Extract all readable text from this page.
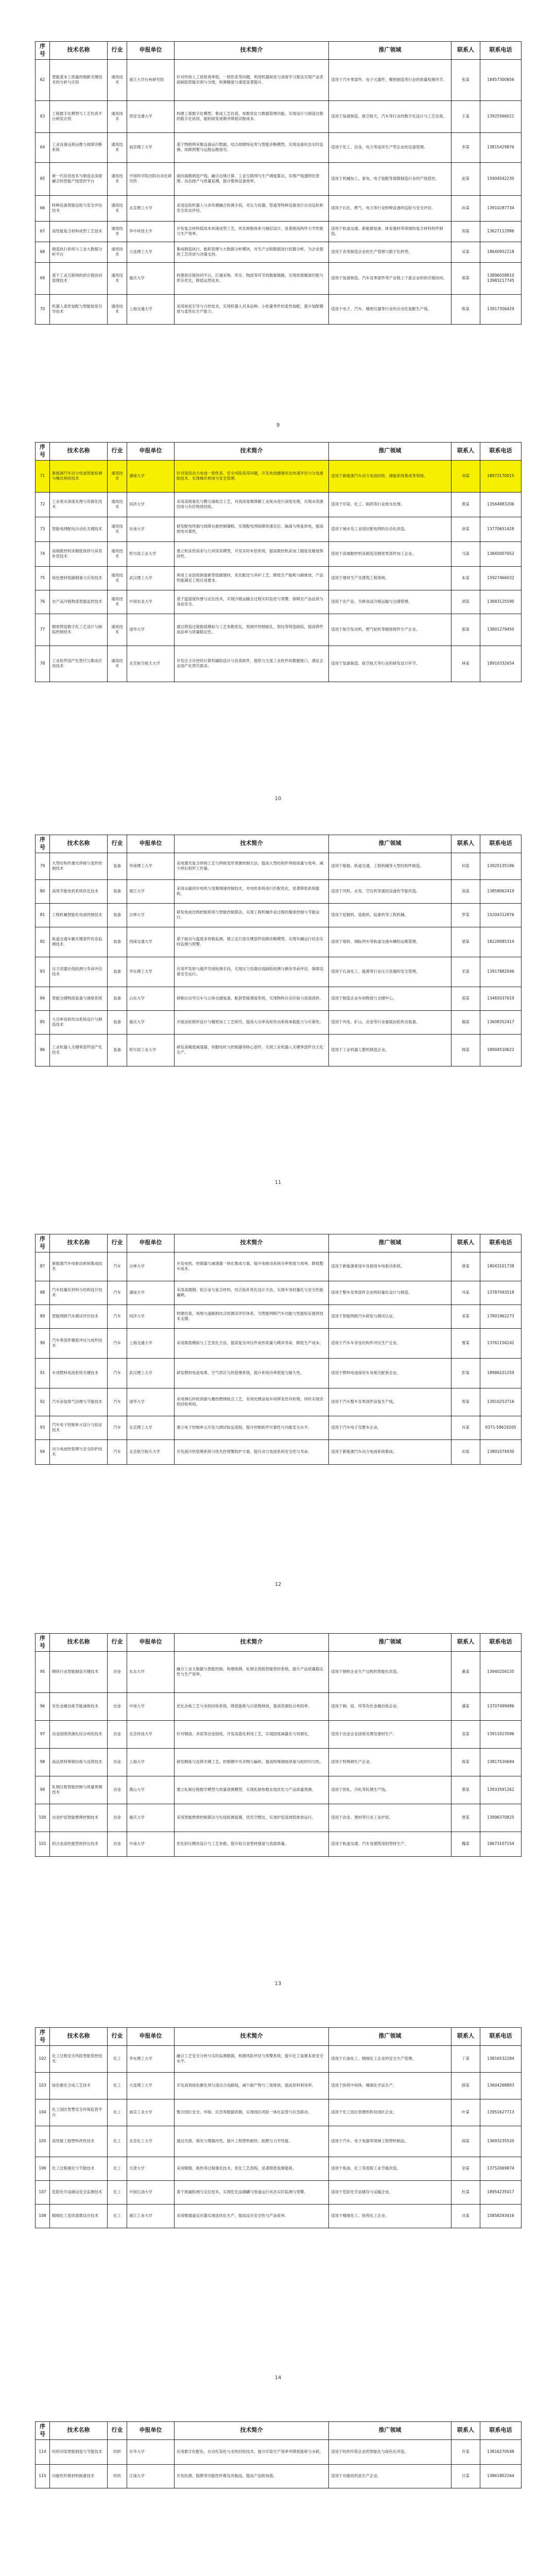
序号	技术名称	行业	申报单位	技术简介	推广领域	联系人	联系电话
62	智能基本工质量控制新关键技术的分析与应用	通用技术	浙江大学台州研究院	针对传统人工质检效率低、一致性差等问题，利用机器视觉与深度学习算法实现产品表面缺陷智能识别与分级，检测精度与速度显著提升。	适用于汽车零部件、电子元器件、精密制造等行业的质量检测环节。	张某	18457300856
63	工程数字化模型与工艺仿真平台研发应用	通用技术	西安交通大学	构建工程数字化模型，集成工艺仿真、参数优化与数据管理功能，实现设计与制造过程的数字化协同，缩短研发周期并降低试制成本。	适用于装备制造、航空航天、汽车等行业的数字化设计与工艺仿真。	王某	13925566021
64	工业设备远程运维与故障诊断系统	通用技术	南京理工大学	基于物联网采集设备运行数据，结合故障特征库与智能诊断模型，实现设备状态实时监测、故障预警与远程运维指导。	适用于化工、冶金、电力等连续生产型企业的设备管理。	李某	13815429876
65	新一代信息技术与制造业深度融合的智能产线管控平台	通用技术	中国科学院沈阳自动化研究所	面向离散制造产线，融合边缘计算、工业互联网与生产调度算法，实现产线透明化管理、动态排产与质量追溯，提升整体设备效率。	适用于机械加工、家电、电子装配等离散制造行业的产线管控。	赵某	15904542230
66	特种设备智能巡检与安全评估技术	通用技术	北京理工大学	采用巡检机器人与多传感融合检测手段，对压力容器、管道等特种设备进行自动巡检和安全状态评估。	适用于石化、燃气、电力等行业特种设备的巡检与安全评估。	孙某	13910287734
67	高性能复合材料成型工艺技术	通用技术	华中科技大学	开发复合材料低成本快速成型工艺，优化树脂体系与铺层设计，显著提高构件力学性能与生产效率。	适用于轨道交通、新能源装备、体育器材等领域的复合材料构件制造。	周某	13627112986
68	制造执行系统与工业大数据分析平台	通用技术	大连理工大学	集成制造执行、能耗管理与大数据分析模块，对生产过程数据进行挖掘分析，为企业提供工艺改进与决策支持。	适用于各类制造企业的生产管理与数字化转型。	吴某	18640952218
69	基于工业互联网的供应链协同管理技术	通用技术	重庆大学	构建供应链协同平台，打通采购、库存、物流等环节的数据链路，实现供需精准匹配与库存优化，降低运营成本。	适用于装备制造、汽车及零部件等产业链上下游企业的供应链协同。	郑某	13896058810 13983217745
70	机器人柔性装配与智能视觉引导技术	通用技术	上海交通大学	采用视觉引导与力控技术，实现机器人对多品种、小批量零件的柔性装配，提升装配精度与柔性化生产能力。	适用于电子、汽车、精密仪器等行业的自动化装配生产线。	陈某	13917356429
9
序号	技术名称	行业	申报单位	技术简介	推广领域	联系人	联系电话
71	新能源汽车动力电池智能检测与梯次利用技术	通用技术	湖南大学	针对退役动力电池一致性差、安全风险高等问题，开发电池健康状态快速评估与分选重组技术，实现梯次利用与安全管理。	适用于新能源汽车动力电池回收、储能系统集成等领域。	刘某	18973170015
72	工业废水深度处理与资源化技术	通用技术	同济大学	采用高级氧化与膜分离组合工艺，对高浓度难降解工业废水进行深度处理，实现水资源回用与有价物质回收。	适用于印染、化工、制药等行业废水处理。	黄某	13564883206
73	智能电网配电自动化关键技术	通用技术	东南大学	研发配电终端与故障自愈控制策略，实现配电网故障快速定位、隔离与恢复供电，提高供电可靠性。	适用于城市及工业园区配电网的自动化改造。	徐某	13770651428
74	高端数控机床精度保持与误差补偿技术	通用技术	哈尔滨工业大学	建立机床热误差与几何误差模型，开发实时补偿系统，提高数控机床加工精度及精度保持性。	适用于高端数控机床制造及精密零部件加工企业。	马某	13845007652
75	绿色建材低碳制备与应用技术	通用技术	武汉理工大学	利用工业固废制备新型低碳建材，优化配比与养护工艺，降低生产能耗与碳排放，产品性能满足工程应用要求。	适用于建材生产及建筑工程领域。	朱某	15927466032
76	农产品冷链物流智能监控技术	通用技术	中国农业大学	基于温湿度传感与定位技术，实现冷链运输全过程实时监控与预警，保障农产品品质与食品安全。	适用于农产品、生鲜食品冷链运输与仓储管理。	胡某	13683125590
77	精密铸造数字化工艺设计与缺陷控制技术	通用技术	清华大学	通过铸造过程数值模拟与工艺参数优化，预测并控制缩孔、裂纹等铸造缺陷，提高铸件成品率与质量稳定性。	适用于航空发动机、燃气轮机等精密铸件生产企业。	郭某	13801279450
78	工业软件国产化替代与集成应用技术	通用技术	北京航空航天大学	开发自主可控的计算机辅助设计与仿真软件，提供与主流工业软件的数据接口，满足企业国产化替代需求。	适用于装备制造、航空航天等行业的研发设计环节。	林某	18910332654
10
序号	技术名称	行业	申报单位	技术简介	推广领域	联系人	联系电话
79	大型结构件激光焊接与变形控制技术	装备	华南理工大学	采用激光复合焊接工艺与焊接变形预测控制方法，提高大型结构件焊接质量与效率，减少焊后校形工作量。	适用于船舶、轨道交通、工程机械等大型结构件制造。	何某	13925135186
80	高效节能电机系统优化技术	装备	浙江大学	采用永磁同步电机与变频调速控制技术，对电机系统进行匹配优化，显著降低系统能耗。	适用于风机、水泵、空压机等通用设备的节能改造。	高某	13858062419
81	工程机械智能化电液控制技术	装备	吉林大学	研发电液比例控制系统与智能控制算法，实现工程机械作业过程的精准控制与节能运行。	适用于挖掘机、装载机、起重机等工程机械。	罗某	15204312876
82	轨道交通车辆关键部件状态监测技术	装备	西南交通大学	基于振动与温度多参数监测，建立走行部关键部件故障诊断模型，实现车辆运行状态实时监测与预警。	适用于地铁、城际列车等轨道交通车辆的运维管理。	梁某	18228085314
83	压力容器在线检测与寿命评估技术	装备	华东理工大学	应用声发射与超声导波检测手段，实现压力容器在线缺陷检测与剩余寿命评估，保障设备安全运行。	适用于石油化工、能源等行业压力容器的安全管理。	宋某	13917882046
84	智能仓储物流装备与调度系统	装备	山东大学	研制自动导引车与立体仓储装备，配套智能调度系统，实现物料自动存取与高效流转。	适用于制造企业车间物流与仓储中心。	郑某	13465037619
85	大功率齿轮传动系统设计与制造技术	装备	重庆大学	开展齿轮修形设计与精密加工工艺研究，提高大功率齿轮传动系统承载能力与可靠性。	适用于风电、矿山、冶金等行业重载齿轮传动装备。	谢某	13608352417
86	工业机器人关键零部件国产化技术	装备	哈尔滨工业大学	研发高精度减速器、伺服电机与控制器等核心部件，实现工业机器人关键零部件自主化生产。	适用于工业机器人整机制造企业。	韩某	18904510622
11
序号	技术名称	行业	申报单位	技术简介	推广领域	联系人	联系电话
87	新能源汽车电驱动系统集成技术	汽车	吉林大学	开发电机、控制器与减速器一体化集成方案，提升电驱动系统功率密度与效率，降低整车成本。	适用于新能源乘用车及商用车电驱动系统。	唐某	18043101738
88	汽车轻量化材料与结构设计技术	汽车	湖南大学	采用高强钢、铝合金与复合材料，结合拓扑优化设计方法，实现车身轻量化与安全性能兼顾。	适用于整车及零部件企业的轻量化设计与制造。	冯某	13787093518
89	智能网联汽车测试评价技术	汽车	同济大学	构建仿真、场地与道路相结合的测试评价体系，为智能网联汽车功能与性能验证提供技术支撑。	适用于智能网联汽车研发与测试认证。	邓某	17801962273
90	汽车零部件精密冲压与成形技术	汽车	上海交通大学	采用数值模拟与工艺优化方法，提高复杂冲压件成形质量与模具寿命，降低生产成本。	适用于汽车车身及结构件冲压生产企业。	曹某	13761156242
91	车用燃料电池系统关键技术	汽车	武汉理工大学	研发燃料电池电堆、空气供应与热管理系统，提升系统功率密度与耐久性。	适用于燃料电池商用车及相关配套企业。	彭某	18986101259
92	汽车涂装废气治理与节能技术	汽车	清华大学	采用沸石转轮浓缩与蓄热燃烧组合工艺，有效处理涂装车间挥发性有机物，同时实现余热回收利用。	适用于汽车整车及零部件涂装生产线。	曾某	13910253716
93	汽车电子控制单元设计与验证技术	汽车	北京理工大学	建立电子控制单元开发与测试验证流程，提升控制软件可靠性与功能安全水平。	适用于汽车电子及整车企业。	肖某	0371-58619205
94	动力电池热管理与安全防护技术	汽车	北京航空航天大学	开发液冷热管理系统与热失控预警防护方案，提升动力电池系统安全性与寿命。	适用于新能源汽车动力电池系统集成。	田某	13801074930
12
序号	技术名称	行业	申报单位	技术简介	推广领域	联系人	联系电话
95	钢铁行业智能制造关键技术	冶金	东北大学	融合工业大数据与智能控制，构建炼钢、轧钢全流程智能管控系统，提升产品质量稳定性与生产效率。	适用于钢铁企业生产过程的智能化改造。	董某	13940256135
96	有色金属冶炼节能减排技术	冶金	中南大学	优化冶炼工艺与余热回收系统，降低能耗与污染物排放，提高资源综合利用率。	适用于铜、铅、锌等有色金属冶炼企业。	潘某	13707499486
97	冶金固废资源化综合利用技术	冶金	北京科技大学	针对钢渣、赤泥等冶金固废，开发高值化利用工艺，实现固废减量化与资源化。	适用于冶金企业固废处理及建材生产。	袁某	13911023586
98	高品质特殊钢冶炼与连铸技术	冶金	上海大学	研发精炼与连铸关键工艺，控制钢中夹杂物与偏析，提高特殊钢纯净度与组织均匀性。	适用于特殊钢生产企业。	蒋某	13817520694
99	轧钢过程智能控制与质量预测技术	冶金	燕山大学	建立轧制过程数学模型与质量预测模型，实现轧制参数在线优化与产品质量预测。	适用于热轧、冷轧等轧钢生产线。	蔡某	13933591262
100	冶金炉窑智能燃烧控制技术	冶金	重庆大学	采用智能燃烧控制算法与在线检测装置，优化空燃比，实现炉窑高效低排放运行。	适用于冶金、建材等行业工业炉窑。	贾某	13996370825
101	铝合金高性能型材挤压技术	冶金	中南大学	优化挤压模具设计与工艺参数，提升铝合金型材强度与表面质量。	适用于轨道交通、汽车及建筑用铝型材生产。	魏某	18673107154
13
序号	技术名称	行业	申报单位	技术简介	推广领域	联系人	联系电话
102	化工过程安全风险智能管控技术	化工	华东理工大学	融合工艺安全分析与实时监测数据，构建风险评估与预警系统，提升化工装置本质安全水平。	适用于石油化工、精细化工企业的安全生产管理。	丁某	13816532284
103	绿色催化合成工艺技术	化工	大连理工大学	开发高效绿色催化剂与清洁合成路线，减少副产物与三废排放，提高原料利用率。	适用于医药中间体、精细化学品生产。	薛某	13604268893
104	化工园区智慧安全环保监管平台	化工	南京工业大学	整合园区安全、环保、应急等数据资源，实现园区风险一体化监管与应急联动。	适用于化工园区管理机构及园区企业。	叶某	13951627713
105	高性能工程塑料改性技术	化工	北京化工大学	通过共混、填充与增强改性，提升工程塑料耐热、阻燃与力学性能。	适用于汽车、电子电器等领域工程塑料制品。	阎某	13693235520
106	化工过程强化与节能技术	化工	天津大学	采用精馏、换热等过程强化技术，优化工艺流程，显著降低装置能耗。	适用于炼油、化工等流程工业节能改造。	余某	13752069874
107	危险化学品储运安全监测技术	化工	中国石油大学	基于泄漏检测与定位技术，实现危化品储罐与管道运行状态实时监测与预警。	适用于危险化学品储存与运输企业。	杜某	18954235017
108	精细化工连续流微反应技术	化工	浙江工业大学	采用微通道反应器实现连续化生产，提高反应安全性与产品收率。	适用于精细化工、医药化工企业。	沈某	15858293416
14
序号	技术名称	行业	申报单位	技术简介	推广领域	联系人	联系电话
114	纺织印染智能制造与节能技术	纺织	东华大学	应用数字化配色、自动化染色与余热回收技术，提升印染生产效率并降低能耗与水耗。	适用于纺织印染企业的智能化与绿色化改造。	许某	13816270548
115	功能性纤维材料制备技术	纺织	江南大学	开发抗菌、阻燃等功能性纤维及其制品，提高产品附加值。	适用于功能纺织品生产企业。	吕某	13861802264
